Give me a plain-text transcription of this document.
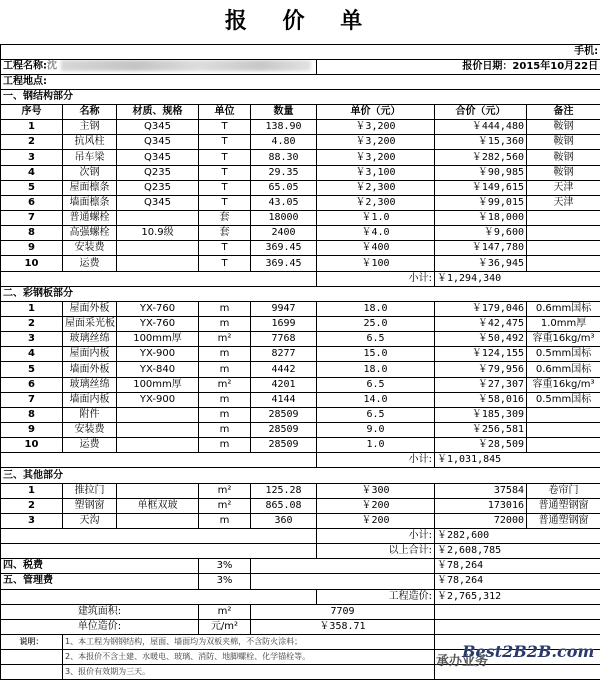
报 价 单							
手机:							
工程名称:沈					报价日期：2015年10月22日		
工程地点:							
一、钢结构部分							
序号	名称	材质、规格	单位	数量	单价（元）	合价（元）	备注
1	主钢	Q345	T	138.90	￥3,200	￥444,480	鞍钢
2	抗风柱	Q345	T	4.80	￥3,200	￥15,360	鞍钢
3	吊车梁	Q345	T	88.30	￥3,200	￥282,560	鞍钢
4	次钢	Q235	T	29.35	￥3,100	￥90,985	鞍钢
5	屋面檩条	Q235	T	65.05	￥2,300	￥149,615	天津
6	墙面檩条	Q345	T	43.05	￥2,300	￥99,015	天津
7	普通螺栓		套	18000	￥1.0	￥18,000	
8	高强螺栓	10.9级	套	2400	￥4.0	￥9,600	
9	安装费		T	369.45	￥400	￥147,780	
10	运费		T	369.45	￥100	￥36,945	
					小计:	￥1,294,340	
二、彩钢板部分							
1	屋面外板	YX-760	m	9947	18.0	￥179,046	0.6mm国标
2	屋面采光板	YX-760	m	1699	25.0	￥42,475	1.0mm厚
3	玻璃丝绵	100mm厚	m²	7768	6.5	￥50,492	容重16kg/m³
4	屋面内板	YX-900	m	8277	15.0	￥124,155	0.5mm国标
5	墙面外板	YX-840	m	4442	18.0	￥79,956	0.6mm国标
6	玻璃丝绵	100mm厚	m²	4201	6.5	￥27,307	容重16kg/m³
7	墙面内板	YX-900	m	4144	14.0	￥58,016	0.5mm国标
8	附件		m	28509	6.5	￥185,309	
9	安装费		m	28509	9.0	￥256,581	
10	运费		m	28509	1.0	￥28,509	
					小计:	￥1,031,845	
三、其他部分							
1	推拉门		m²	125.28	￥300	37584	卷帘门
2	塑钢窗	单框双玻	m²	865.08	￥200	173016	普通塑钢窗
3	天沟		m	360	￥200	72000	普通塑钢窗
					小计:	￥282,600	
					以上合计:	￥2,608,785	
四、税费			3%			￥78,264	
五、管理费			3%			￥78,264	
					工程造价:	￥2,765,312	
建筑面积:			m²	7709			
单位造价:			元/m²	￥358.71			
说明：	1、本工程为钢钢结构，屋面、墙面均为双板夹棉，不含防火涂料；						
	2、本报价不含土建、水暖电、玻璃、消防、地脚螺栓、化学锚栓等。						
	3、报价有效期为三天。						
承办业务
Best2B2B.com
